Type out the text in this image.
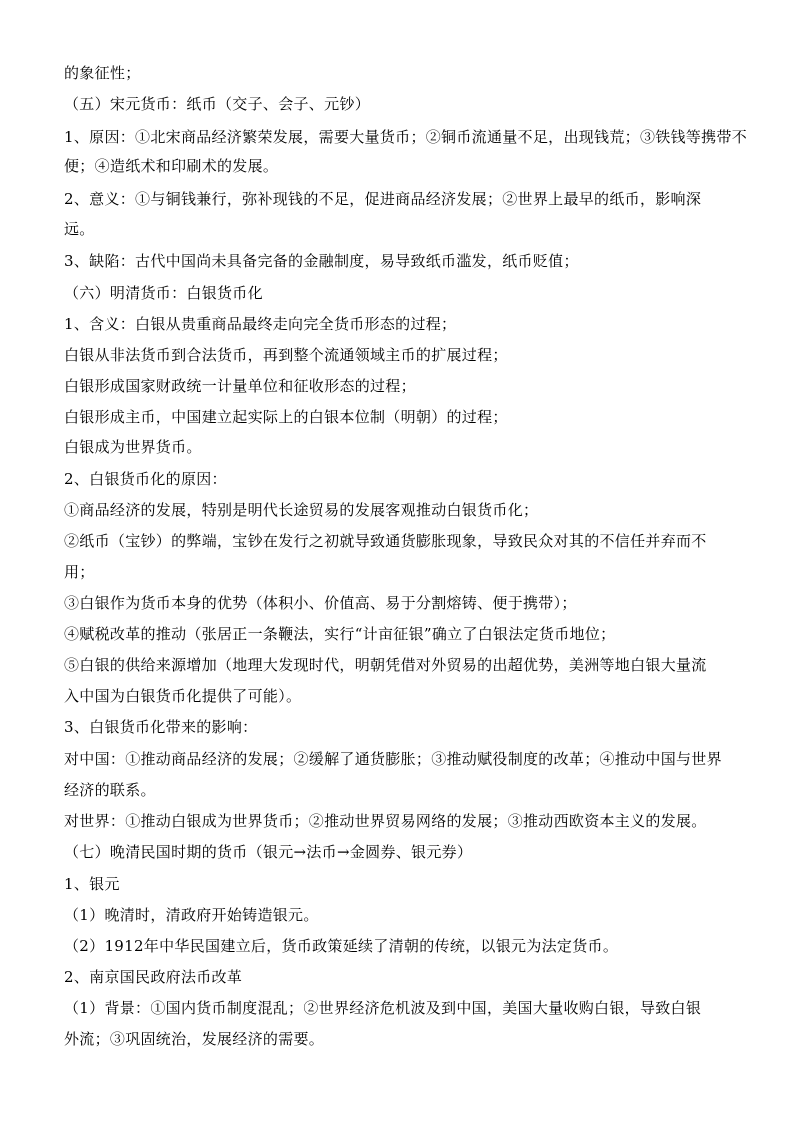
的象征性；
（五）宋元货币：纸币（交子、会子、元钞）
1、原因：①北宋商品经济繁荣发展，需要大量货币；②铜币流通量不足，出现钱荒；③铁钱等携带不
便；④造纸术和印刷术的发展。
2、意义：①与铜钱兼行，弥补现钱的不足，促进商品经济发展；②世界上最早的纸币，影响深
远。
3、缺陷：古代中国尚未具备完备的金融制度，易导致纸币滥发，纸币贬值；
（六）明清货币：白银货币化
1、含义：白银从贵重商品最终走向完全货币形态的过程；
白银从非法货币到合法货币，再到整个流通领域主币的扩展过程；
白银形成国家财政统一计量单位和征收形态的过程；
白银形成主币，中国建立起实际上的白银本位制（明朝）的过程；
白银成为世界货币。
2、白银货币化的原因：
①商品经济的发展，特别是明代长途贸易的发展客观推动白银货币化；
②纸币（宝钞）的弊端，宝钞在发行之初就导致通货膨胀现象，导致民众对其的不信任并弃而不
用；
③白银作为货币本身的优势（体积小、价值高、易于分割熔铸、便于携带）；
④赋税改革的推动（张居正一条鞭法，实行“计亩征银”确立了白银法定货币地位；
⑤白银的供给来源增加（地理大发现时代，明朝凭借对外贸易的出超优势，美洲等地白银大量流
入中国为白银货币化提供了可能）。
3、白银货币化带来的影响：
对中国：①推动商品经济的发展；②缓解了通货膨胀；③推动赋役制度的改革；④推动中国与世界
经济的联系。
对世界：①推动白银成为世界货币；②推动世界贸易网络的发展；③推动西欧资本主义的发展。
（七）晚清民国时期的货币（银元→法币→金圆券、银元券）
1、银元
（1）晚清时，清政府开始铸造银元。
（2）1912年中华民国建立后，货币政策延续了清朝的传统，以银元为法定货币。
2、南京国民政府法币改革
（1）背景：①国内货币制度混乱；②世界经济危机波及到中国，美国大量收购白银，导致白银
外流；③巩固统治，发展经济的需要。
